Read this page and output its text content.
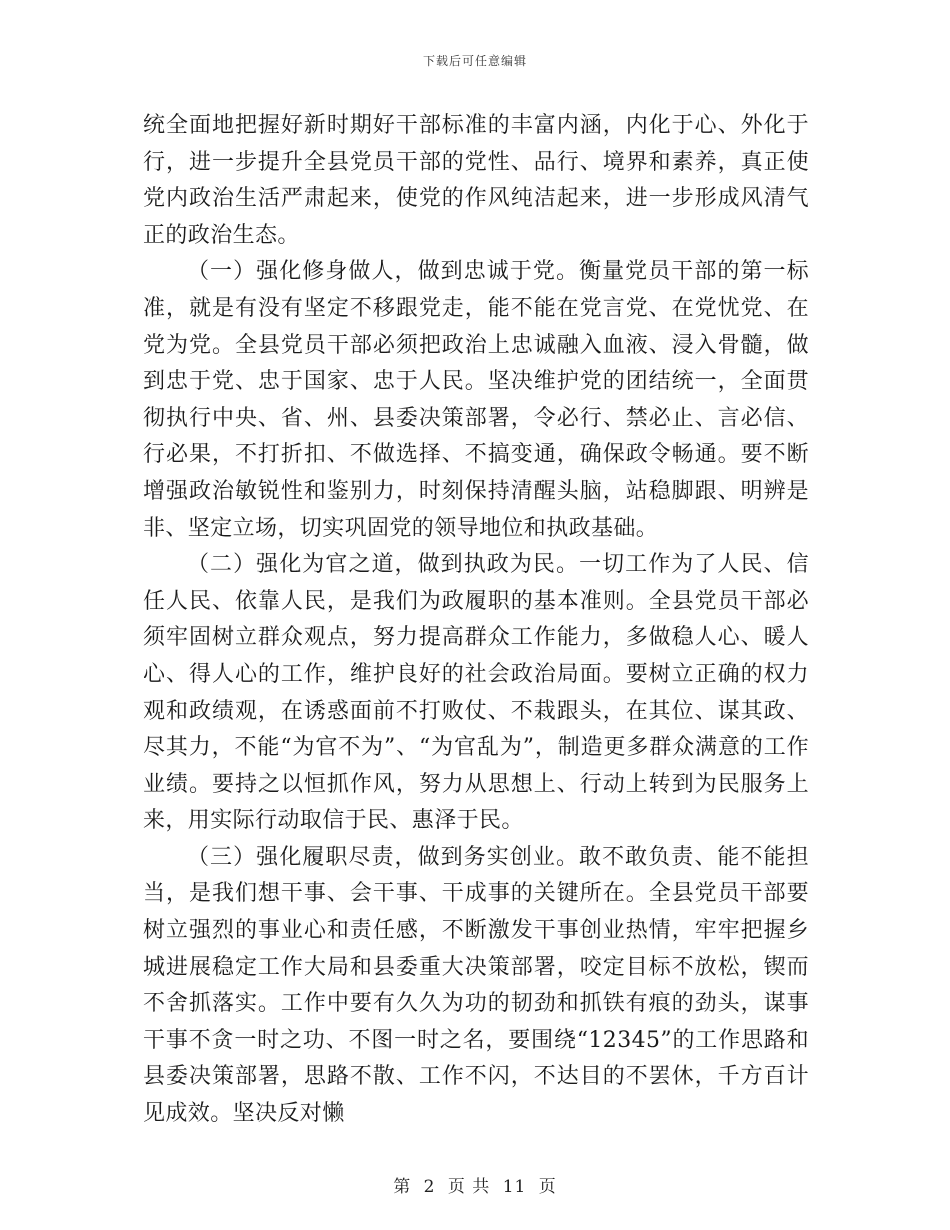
下载后可任意编辑

统全面地把握好新时期好干部标准的丰富内涵，内化于心、外化于行，进一步提升全县党员干部的党性、品行、境界和素养，真正使党内政治生活严肃起来，使党的作风纯洁起来，进一步形成风清气正的政治生态。

（一）强化修身做人，做到忠诚于党。衡量党员干部的第一标准，就是有没有坚定不移跟党走，能不能在党言党、在党忧党、在党为党。全县党员干部必须把政治上忠诚融入血液、浸入骨髓，做到忠于党、忠于国家、忠于人民。坚决维护党的团结统一，全面贯彻执行中央、省、州、县委决策部署，令必行、禁必止、言必信、行必果，不打折扣、不做选择、不搞变通，确保政令畅通。要不断增强政治敏锐性和鉴别力，时刻保持清醒头脑，站稳脚跟、明辨是非、坚定立场，切实巩固党的领导地位和执政基础。

（二）强化为官之道，做到执政为民。一切工作为了人民、信任人民、依靠人民，是我们为政履职的基本准则。全县党员干部必须牢固树立群众观点，努力提高群众工作能力，多做稳人心、暖人心、得人心的工作，维护良好的社会政治局面。要树立正确的权力观和政绩观，在诱惑面前不打败仗、不栽跟头，在其位、谋其政、尽其力，不能“为官不为”、“为官乱为”，制造更多群众满意的工作业绩。要持之以恒抓作风，努力从思想上、行动上转到为民服务上来，用实际行动取信于民、惠泽于民。

（三）强化履职尽责，做到务实创业。敢不敢负责、能不能担当，是我们想干事、会干事、干成事的关键所在。全县党员干部要树立强烈的事业心和责任感，不断激发干事创业热情，牢牢把握乡城进展稳定工作大局和县委重大决策部署，咬定目标不放松，锲而不舍抓落实。工作中要有久久为功的韧劲和抓铁有痕的劲头，谋事干事不贪一时之功、不图一时之名，要围绕“12345”的工作思路和县委决策部署，思路不散、工作不闪，不达目的不罢休，千方百计见成效。坚决反对懒

第 2 页 共 11 页
